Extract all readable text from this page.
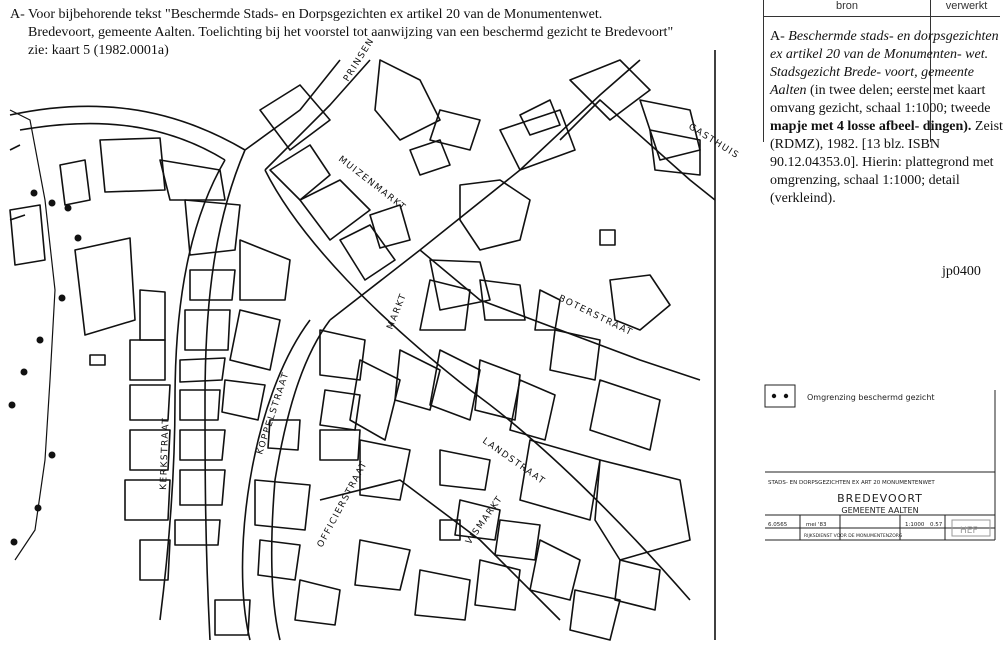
A- Voor bijbehorende tekst "Beschermde Stads- en Dorpsgezichten ex artikel 20 van de Monumentenwet.
Bredevoort, gemeente Aalten. Toelichting bij het voorstel tot aanwijzing van een beschermd gezicht te Bredevoort"
zie: kaart 5 (1982.0001a)	PRINSEN
MUIZENMARKT
MARKT	BOTERSTRAAT
KERKSTRAAT	KOPPELSTRAAT
LANDSTRAAT
OFFICIERSTRAAT	VISMARKT
GASTHUIS
bron	verwerkt
A- Beschermde stads- en dorpsgezichten ex artikel 20 van de Monumenten- wet. Stadsgezicht Brede- voort, gemeente Aalten (in twee delen; eerste met kaart omvang gezicht, schaal 1:1000; tweede mapje met 4 losse afbeel- dingen). Zeist (RDMZ), 1982. [13 blz. ISBN 90.12.04353.0]. Hierin: plattegrond met omgrenzing, schaal 1:1000; detail (verkleind).
jp0400
Omgrenzing beschermd gezicht
STADS- EN DORPSGEZICHTEN EX ART 20 MONUMENTENWET
BREDEVOORT
GEMEENTE AALTEN
6.0565	mei '83	1:1000 0.57
HEF
RIJKSDIENST VOOR DE MONUMENTENZORG
